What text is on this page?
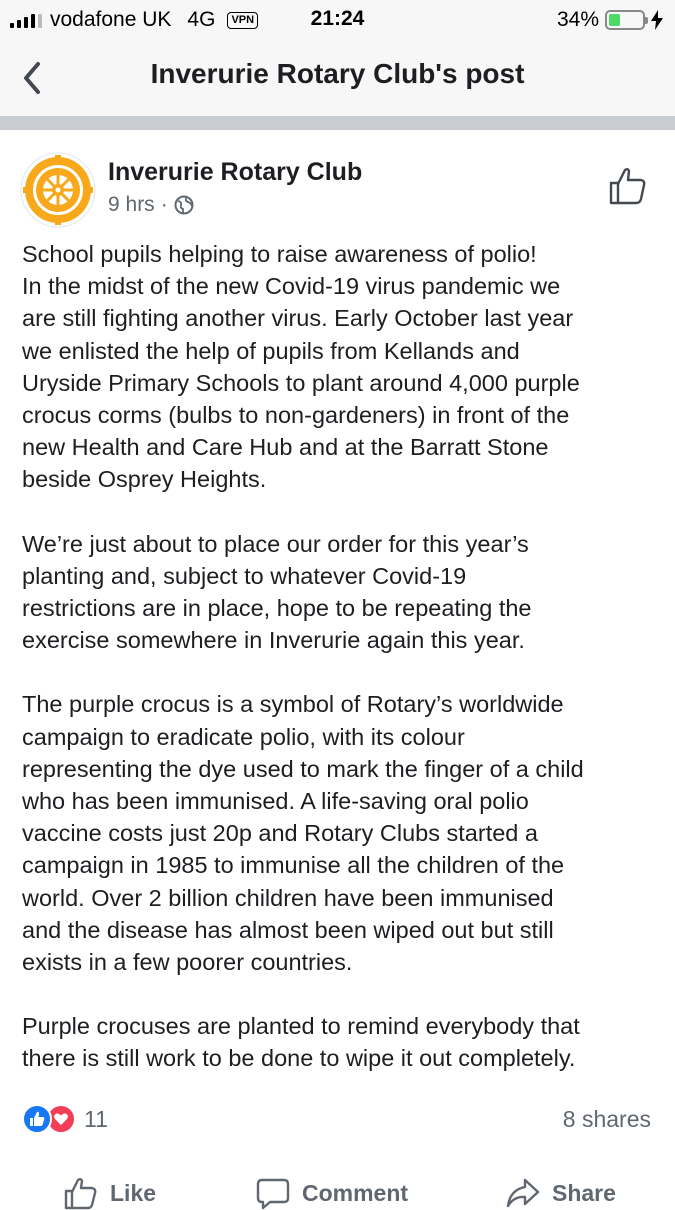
vodafone UK 4G	VPN	21:24	34%
Inverurie Rotary Club's post
Inverurie Rotary Club
9 hrs ·

School pupils helping to raise awareness of polio!
In the midst of the new Covid-19 virus pandemic we
are still fighting another virus. Early October last year
we enlisted the help of pupils from Kellands and
Uryside Primary Schools to plant around 4,000 purple
crocus corms (bulbs to non-gardeners) in front of the
new Health and Care Hub and at the Barratt Stone
beside Osprey Heights.

We’re just about to place our order for this year’s
planting and, subject to whatever Covid-19
restrictions are in place, hope to be repeating the
exercise somewhere in Inverurie again this year.

The purple crocus is a symbol of Rotary’s worldwide
campaign to eradicate polio, with its colour
representing the dye used to mark the finger of a child
who has been immunised. A life-saving oral polio
vaccine costs just 20p and Rotary Clubs started a
campaign in 1985 to immunise all the children of the
world. Over 2 billion children have been immunised
and the disease has almost been wiped out but still
exists in a few poorer countries.

Purple crocuses are planted to remind everybody that
there is still work to be done to wipe it out completely.

11	8 shares
Like	Comment	Share
